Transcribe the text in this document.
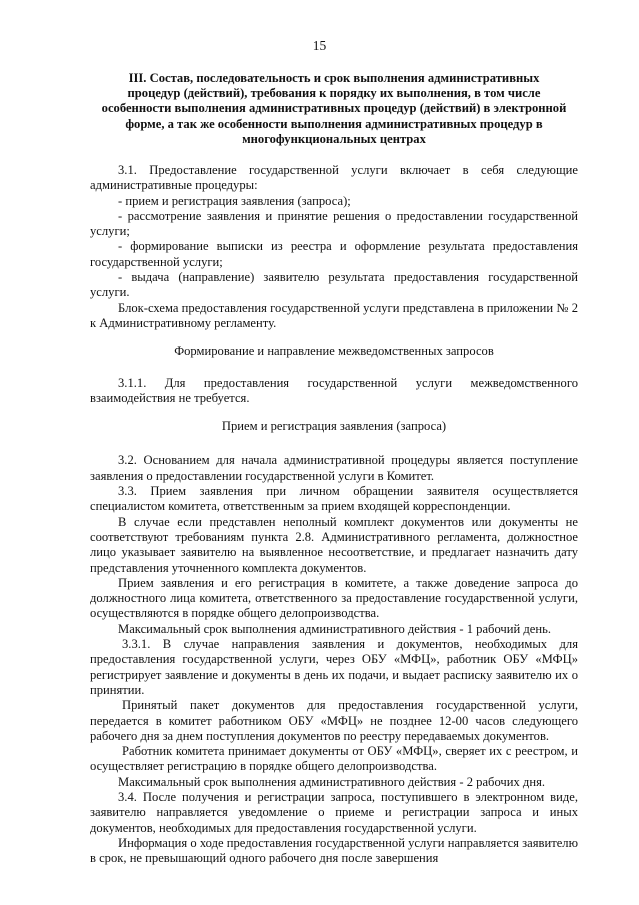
15
III. Состав, последовательность и срок выполнения административных
процедур (действий), требования к порядку их выполнения, в том числе
особенности выполнения административных процедур (действий) в электронной
форме, а так же особенности выполнения административных процедур в
многофункциональных центрах

3.1. Предоставление государственной услуги включает в себя следующие административные процедуры:

- прием и регистрация заявления (запроса);

- рассмотрение заявления и принятие решения о предоставлении государственной услуги;

- формирование выписки из реестра и оформление результата предоставления государственной услуги;

- выдача (направление) заявителю результата предоставления государственной услуги.

Блок-схема предоставления государственной услуги представлена в приложении № 2 к Административному регламенту.

Формирование и направление межведомственных запросов

3.1.1. Для предоставления государственной услуги межведомственного взаимодействия не требуется.

Прием и регистрация заявления (запроса)

3.2. Основанием для начала административной процедуры является поступление заявления о предоставлении государственной услуги в Комитет.

3.3. Прием заявления при личном обращении заявителя осуществляется специалистом комитета, ответственным за прием входящей корреспонденции.

В случае если представлен неполный комплект документов или документы не соответствуют требованиям пункта 2.8. Административного регламента, должностное лицо указывает заявителю на выявленное несоответствие, и предлагает назначить дату представления уточненного комплекта документов.

Прием заявления и его регистрация в комитете, а также доведение запроса до должностного лица комитета, ответственного за предоставление государственной услуги, осуществляются в порядке общего делопроизводства.

Максимальный срок выполнения административного действия - 1 рабочий день.

3.3.1. В случае направления заявления и документов, необходимых для предоставления государственной услуги, через ОБУ «МФЦ», работник ОБУ «МФЦ» регистрирует заявление и документы в день их подачи, и выдает расписку заявителю их о принятии.

Принятый пакет документов для предоставления государственной услуги, передается в комитет работником ОБУ «МФЦ» не позднее 12-00 часов следующего рабочего дня за днем поступления документов по реестру передаваемых документов.

Работник комитета принимает документы от ОБУ «МФЦ», сверяет их с реестром, и осуществляет регистрацию в порядке общего делопроизводства.

Максимальный срок выполнения административного действия - 2 рабочих дня.

3.4. После получения и регистрации запроса, поступившего в электронном виде, заявителю направляется уведомление о приеме и регистрации запроса и иных документов, необходимых для предоставления государственной услуги.

Информация о ходе предоставления государственной услуги направляется заявителю в срок, не превышающий одного рабочего дня после завершения
